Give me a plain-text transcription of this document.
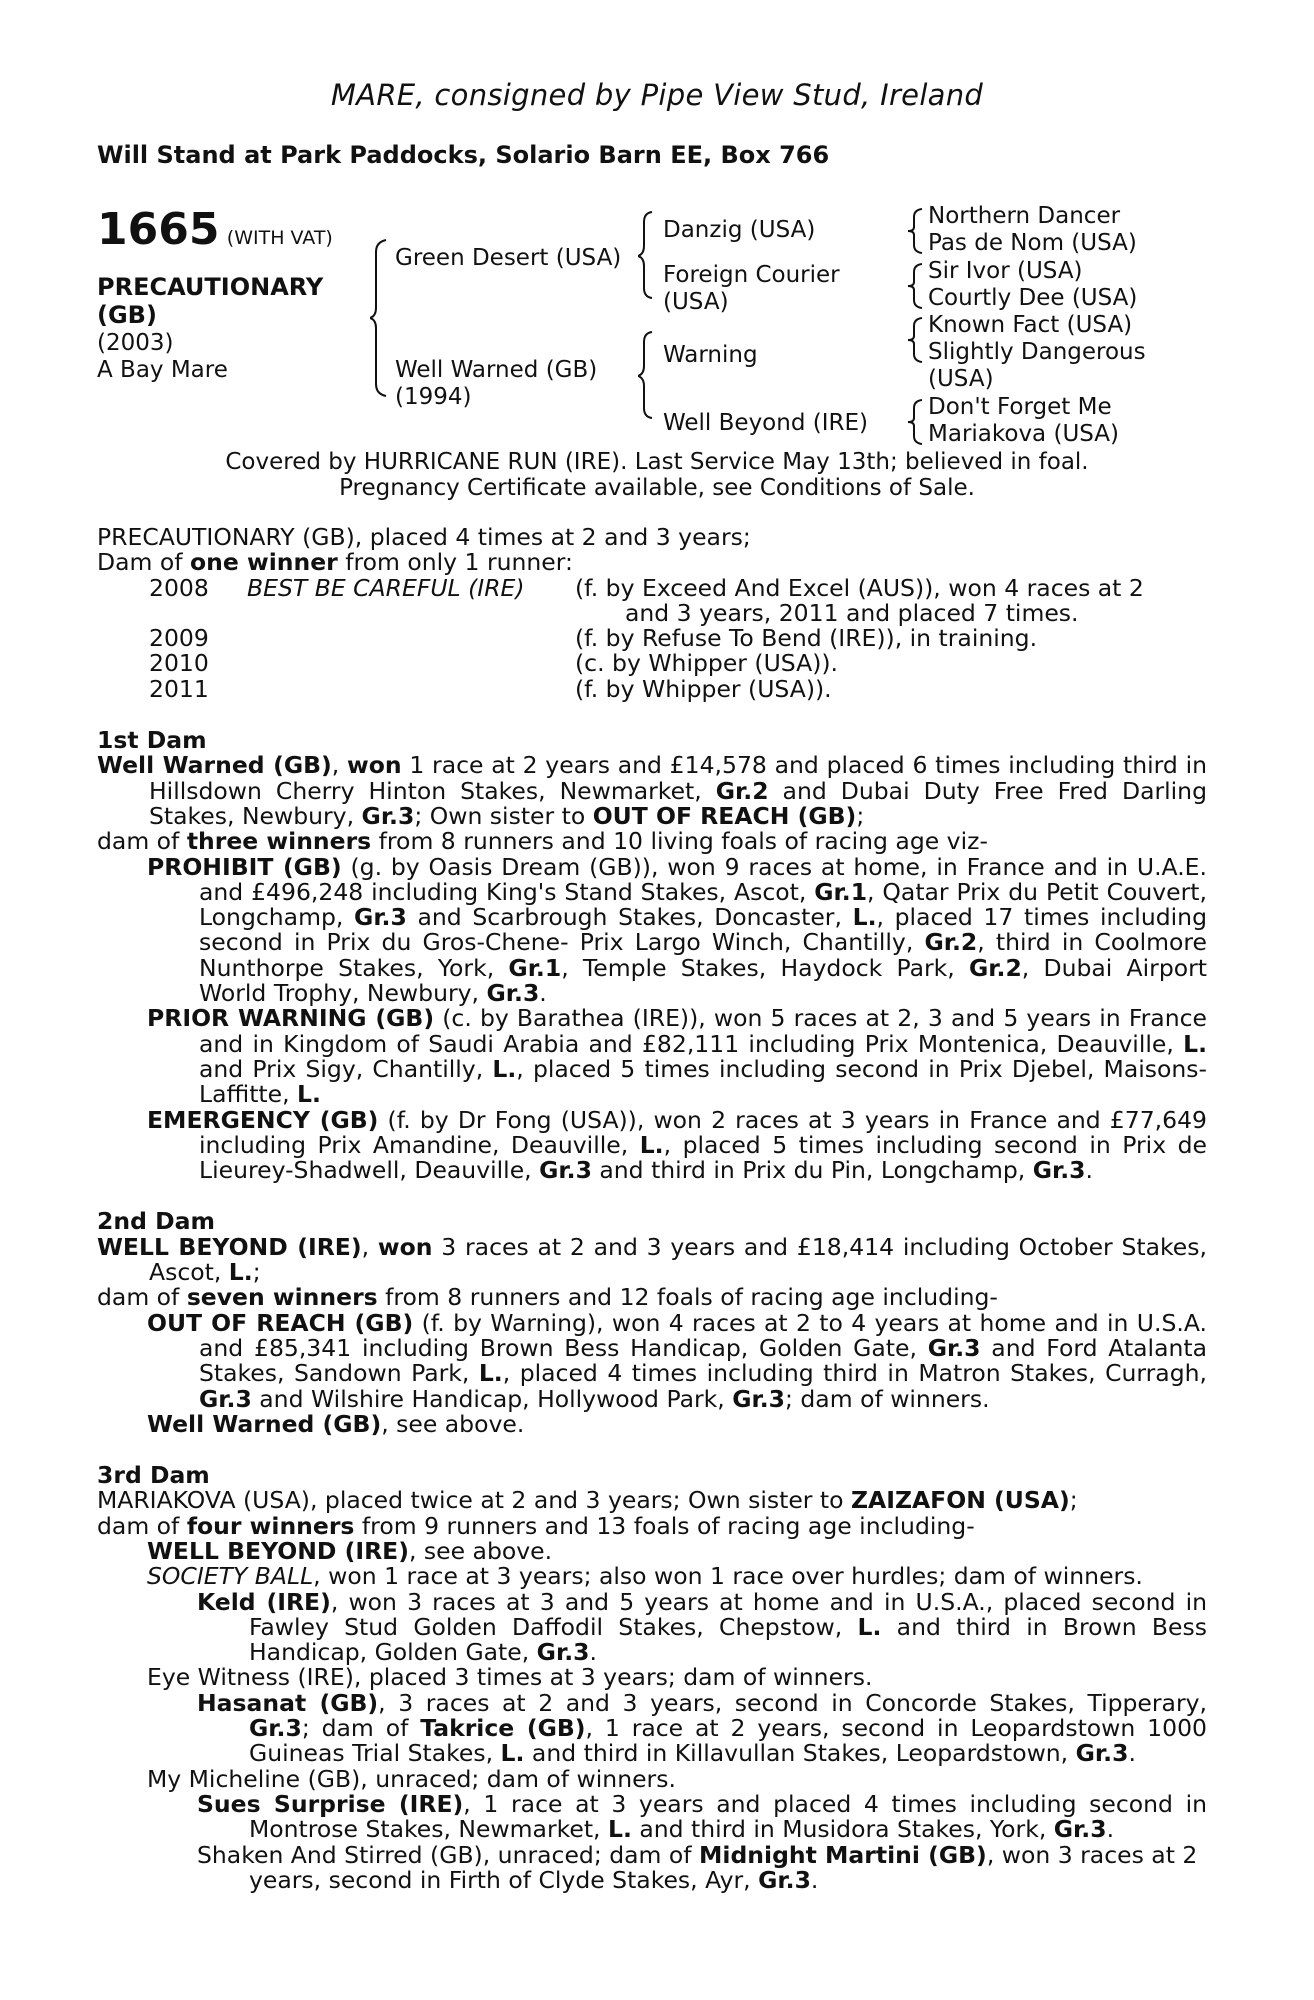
MARE, consigned by Pipe View Stud, Ireland
Will Stand at Park Paddocks, Solario Barn EE, Box 766
1665 (WITH VAT)
PRECAUTIONARY
(GB)
(2003)
A Bay Mare
Green Desert (USA)
Well Warned (GB)
(1994)
Danzig (USA)
Foreign Courier
(USA)
Warning
Well Beyond (IRE)
Northern Dancer
Pas de Nom (USA)
Sir Ivor (USA)
Courtly Dee (USA)
Known Fact (USA)
Slightly Dangerous
(USA)
Don't Forget Me
Mariakova (USA)
Covered by HURRICANE RUN (IRE). Last Service May 13th; believed in foal.
Pregnancy Certificate available, see Conditions of Sale.
PRECAUTIONARY (GB), placed 4 times at 2 and 3 years;
Dam of one winner from only 1 runner:
2008 BEST BE CAREFUL (IRE) (f. by Exceed And Excel (AUS)), won 4 races at 2
and 3 years, 2011 and placed 7 times.
2009	(f. by Refuse To Bend (IRE)), in training.
2010	(c. by Whipper (USA)).
2011	(f. by Whipper (USA)).
1st Dam
Well Warned (GB), won 1 race at 2 years and £14,578 and placed 6 times including third in Hillsdown Cherry Hinton Stakes, Newmarket, Gr.2 and Dubai Duty Free Fred Darling Stakes, Newbury, Gr.3; Own sister to OUT OF REACH (GB);
dam of three winners from 8 runners and 10 living foals of racing age viz-
PROHIBIT (GB) (g. by Oasis Dream (GB)), won 9 races at home, in France and in U.A.E. and £496,248 including King's Stand Stakes, Ascot, Gr.1, Qatar Prix du Petit Couvert, Longchamp, Gr.3 and Scarbrough Stakes, Doncaster, L., placed 17 times including second in Prix du Gros-Chene- Prix Largo Winch, Chantilly, Gr.2, third in Coolmore Nunthorpe Stakes, York, Gr.1, Temple Stakes, Haydock Park, Gr.2, Dubai Airport World Trophy, Newbury, Gr.3.
PRIOR WARNING (GB) (c. by Barathea (IRE)), won 5 races at 2, 3 and 5 years in France and in Kingdom of Saudi Arabia and £82,111 including Prix Montenica, Deauville, L. and Prix Sigy, Chantilly, L., placed 5 times including second in Prix Djebel, Maisons-Laffitte, L.
EMERGENCY (GB) (f. by Dr Fong (USA)), won 2 races at 3 years in France and £77,649 including Prix Amandine, Deauville, L., placed 5 times including second in Prix de Lieurey-Shadwell, Deauville, Gr.3 and third in Prix du Pin, Longchamp, Gr.3.
2nd Dam
WELL BEYOND (IRE), won 3 races at 2 and 3 years and £18,414 including October Stakes, Ascot, L.;
dam of seven winners from 8 runners and 12 foals of racing age including-
OUT OF REACH (GB) (f. by Warning), won 4 races at 2 to 4 years at home and in U.S.A. and £85,341 including Brown Bess Handicap, Golden Gate, Gr.3 and Ford Atalanta Stakes, Sandown Park, L., placed 4 times including third in Matron Stakes, Curragh, Gr.3 and Wilshire Handicap, Hollywood Park, Gr.3; dam of winners.
Well Warned (GB), see above.
3rd Dam
MARIAKOVA (USA), placed twice at 2 and 3 years; Own sister to ZAIZAFON (USA);
dam of four winners from 9 runners and 13 foals of racing age including-
WELL BEYOND (IRE), see above.
SOCIETY BALL, won 1 race at 3 years; also won 1 race over hurdles; dam of winners.
Keld (IRE), won 3 races at 3 and 5 years at home and in U.S.A., placed second in Fawley Stud Golden Daffodil Stakes, Chepstow, L. and third in Brown Bess Handicap, Golden Gate, Gr.3.
Eye Witness (IRE), placed 3 times at 3 years; dam of winners.
Hasanat (GB), 3 races at 2 and 3 years, second in Concorde Stakes, Tipperary, Gr.3; dam of Takrice (GB), 1 race at 2 years, second in Leopardstown 1000 Guineas Trial Stakes, L. and third in Killavullan Stakes, Leopardstown, Gr.3.
My Micheline (GB), unraced; dam of winners.
Sues Surprise (IRE), 1 race at 3 years and placed 4 times including second in Montrose Stakes, Newmarket, L. and third in Musidora Stakes, York, Gr.3.
Shaken And Stirred (GB), unraced; dam of Midnight Martini (GB), won 3 races at 2 years, second in Firth of Clyde Stakes, Ayr, Gr.3.
